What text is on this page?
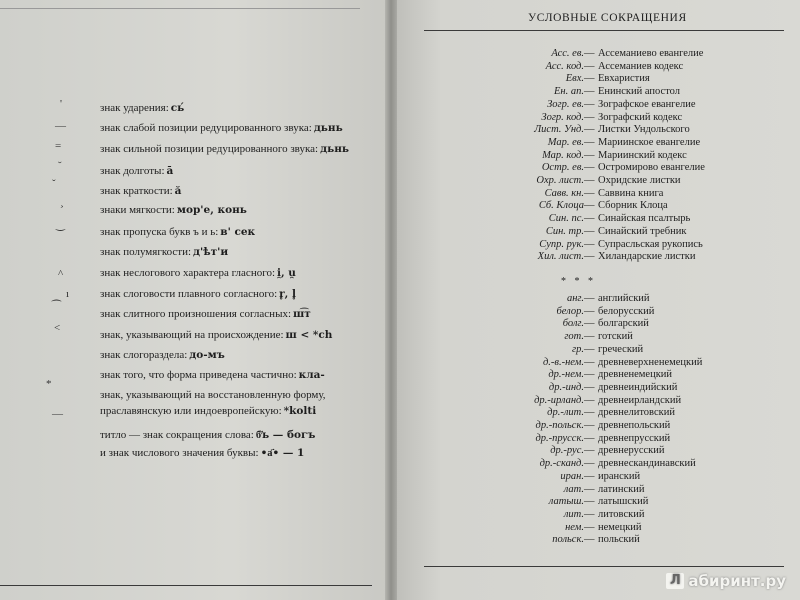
УСЛОВНЫЕ СОКРАЩЕНИЯ
'
—
=
˘
ˇ
¸
‿
^
ı
⁀
<
*
—
знак ударения: сь́
знак слабой позиции редуцированного звука: дьнь
знак сильной позиции редуцированного звука: дьнь
знак долготы: ā
знак краткости: ă
знаки мягкости: мор'е, конь
знак пропуска букв ъ и ь: в' сек
знак полумягкости: д'ѣт'и
знак неслогового характера гласного: i̯, u̯
знак слоговости плавного согласного: r̥, l̥
знак слитного произношения согласных: ш͡т
знак, указывающий на происхождение: ш < *ch
знак слогораздела: до-мъ
знак того, что форма приведена частично: кла-
знак, указывающий на восстановленную форму,
праславянскую или индоевропейскую: *kolti
титло — знак сокращения слова: б҃ъ — богъ
и знак числового значения буквы: •а҃• — 1
Асс. ев. — Ассеманиево евангелие
Асс. код. — Ассеманиев кодекс
Евх. — Евхаристия
Ен. ап. — Енинский апостол
Зогр. ев. — Зографское евангелие
Зогр. код. — Зографский кодекс
Лист. Унд. — Листки Ундольского
Мар. ев. — Мариинское евангелие
Мар. код. — Мариинский кодекс
Остр. ев. — Остромирово евангелие
Охр. лист. — Охридские листки
Савв. кн. — Саввина книга
Сб. Клоца — Сборник Клоца
Син. пс. — Синайская псалтырь
Син. тр. — Синайский требник
Супр. рук. — Супрасльская рукопись
Хил. лист. — Хиландарские листки
* * *
анг. — английский
белор. — белорусский
болг. — болгарский
гот. — готский
гр. — греческий
д.-в.-нем. — древневерхненемецкий
др.-нем. — древненемецкий
др.-инд. — древнеиндийский
др.-ирланд. — древнеирландский
др.-лит. — древнелитовский
др.-польск. — древнепольский
др.-прусск. — древнепрусский
др.-рус. — древнерусский
др.-сканд. — древнескандинавский
иран. — иранский
лат. — латинский
латыш. — латышский
лит. — литовский
нем. — немецкий
польск. — польский
Л абиринт.ру
